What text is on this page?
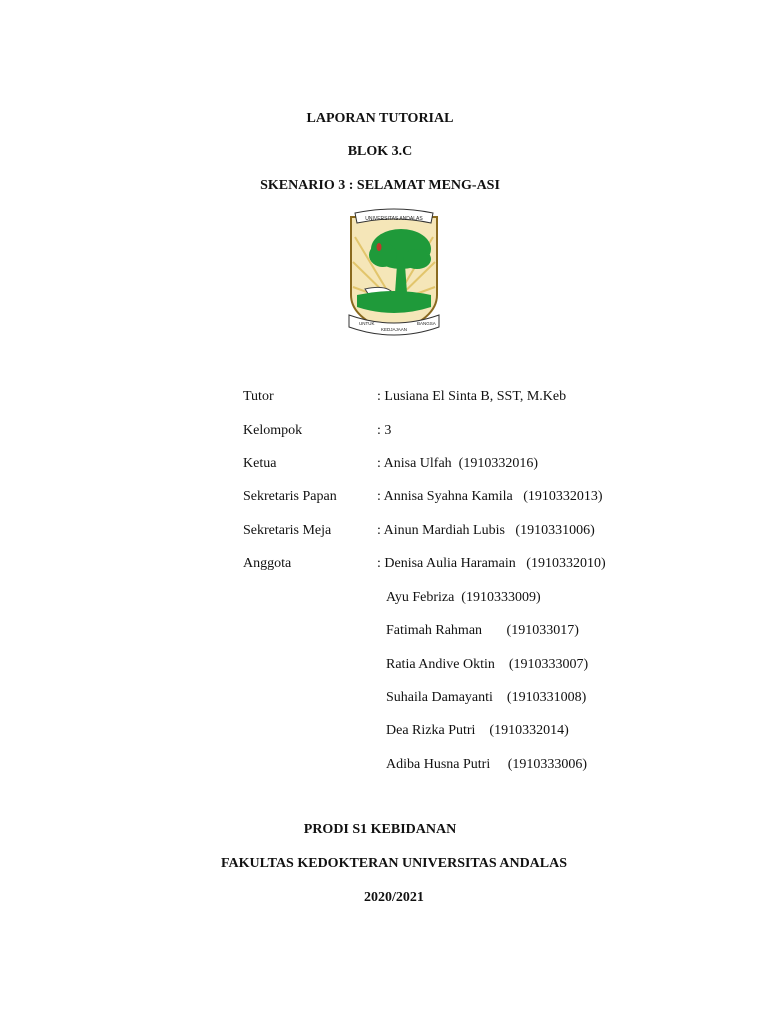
LAPORAN TUTORIAL
BLOK 3.C
SKENARIO 3 : SELAMAT MENG-ASI
UNIVERSITAS ANDALAS
UNTUK
KEDJAJAAN
BANGSA
Tutor	: Lusiana El Sinta B, SST, M.Keb
Kelompok	: 3
Ketua	: Anisa Ulfah  (1910332016)
Sekretaris Papan	: Annisa Syahna Kamila   (1910332013)
Sekretaris Meja	: Ainun Mardiah Lubis   (1910331006)
Anggota	: Denisa Aulia Haramain   (1910332010)
Ayu Febriza  (1910333009)
Fatimah Rahman       (191033017)
Ratia Andive Oktin    (1910333007)
Suhaila Damayanti    (1910331008)
Dea Rizka Putri    (1910332014)
Adiba Husna Putri     (1910333006)
PRODI S1 KEBIDANAN
FAKULTAS KEDOKTERAN UNIVERSITAS ANDALAS
2020/2021
